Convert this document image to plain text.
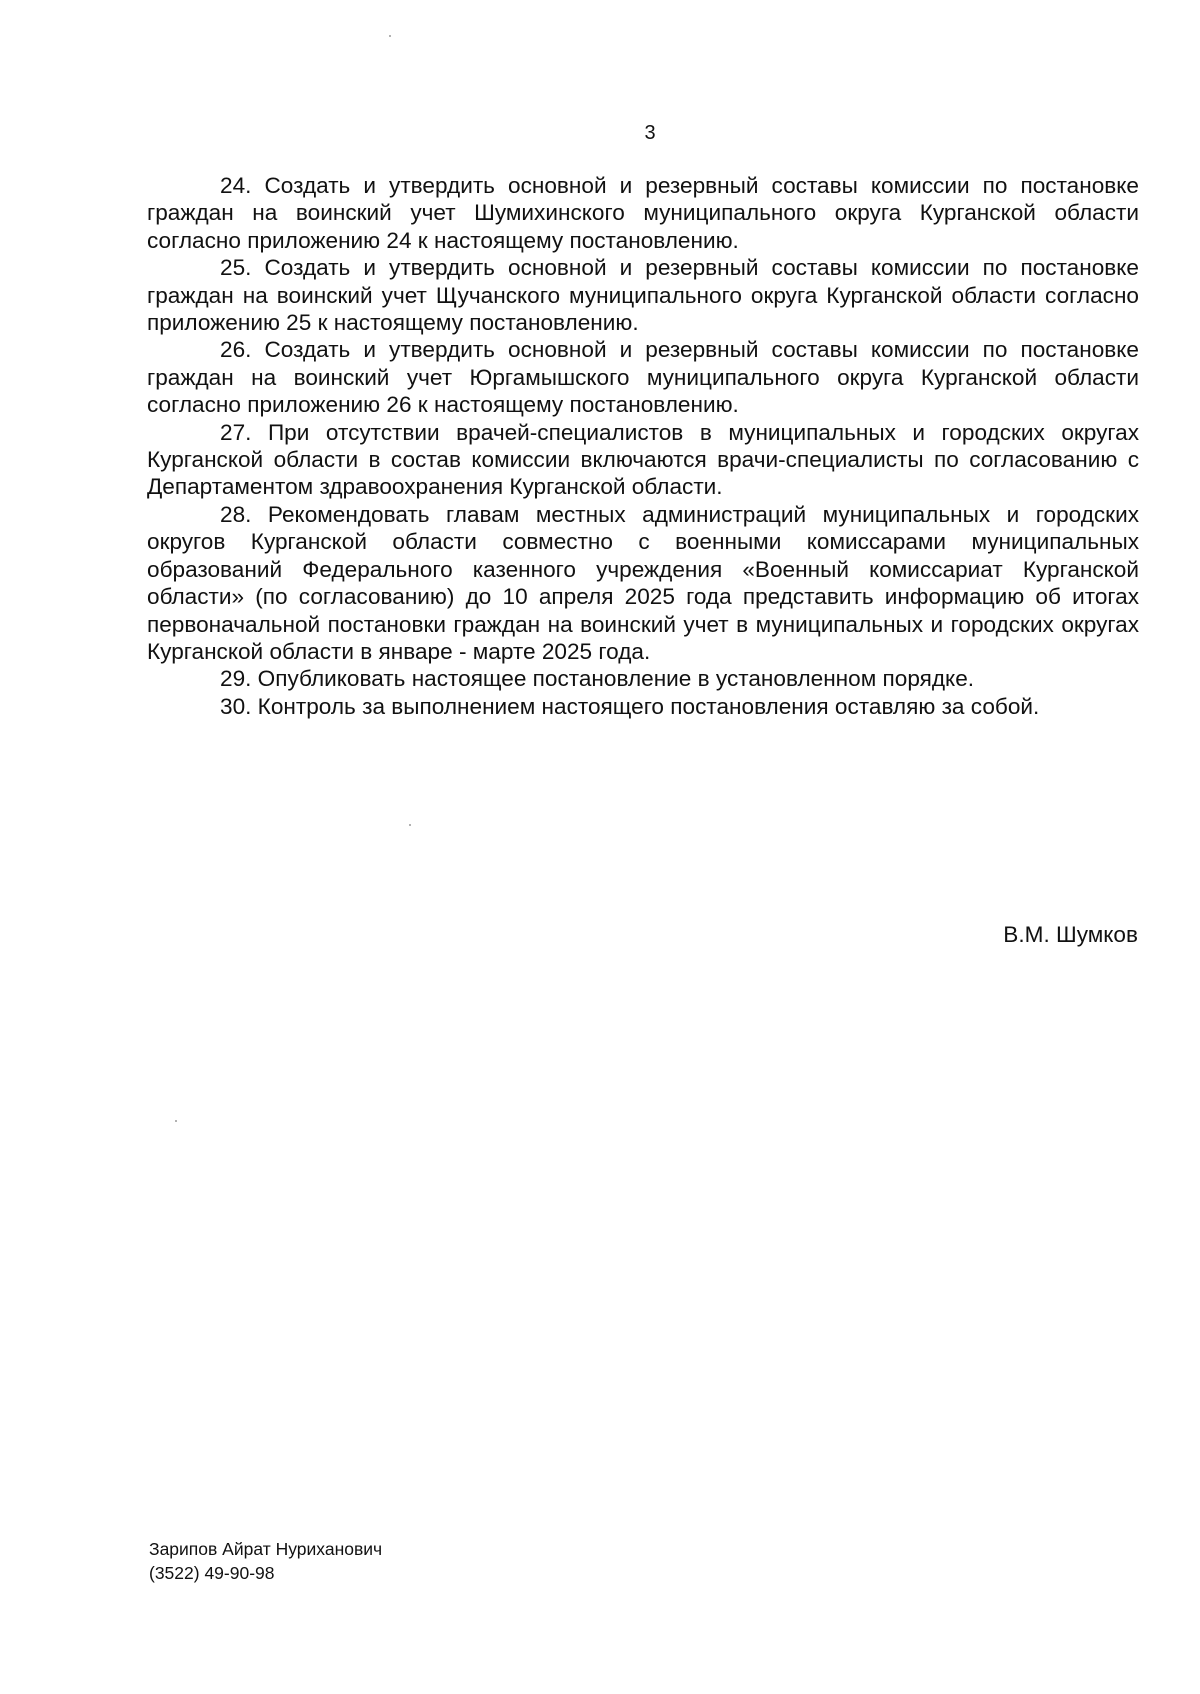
3

24. Создать и утвердить основной и резервный составы комиссии по постановке граждан на воинский учет Шумихинского муниципального округа Курганской области согласно приложению 24 к настоящему постановлению.

25. Создать и утвердить основной и резервный составы комиссии по постановке граждан на воинский учет Щучанского муниципального округа Курганской области согласно приложению 25 к настоящему постановлению.

26. Создать и утвердить основной и резервный составы комиссии по постановке граждан на воинский учет Юргамышского муниципального округа Курганской области согласно приложению 26 к настоящему постановлению.

27. При отсутствии врачей-специалистов в муниципальных и городских округах Курганской области в состав комиссии включаются врачи-специалисты по согласованию с Департаментом здравоохранения Курганской области.

28. Рекомендовать главам местных администраций муниципальных и городских округов Курганской области совместно с военными комиссарами муниципальных образований Федерального казенного учреждения «Военный комиссариат Курганской области» (по согласованию) до 10 апреля 2025 года представить информацию об итогах первоначальной постановки граждан на воинский учет в муниципальных и городских округах Курганской области в январе - марте 2025 года.

29. Опубликовать настоящее постановление в установленном порядке.

30. Контроль за выполнением настоящего постановления оставляю за собой.

В.М. Шумков
Зарипов Айрат Нуриханович
(3522) 49-90-98
